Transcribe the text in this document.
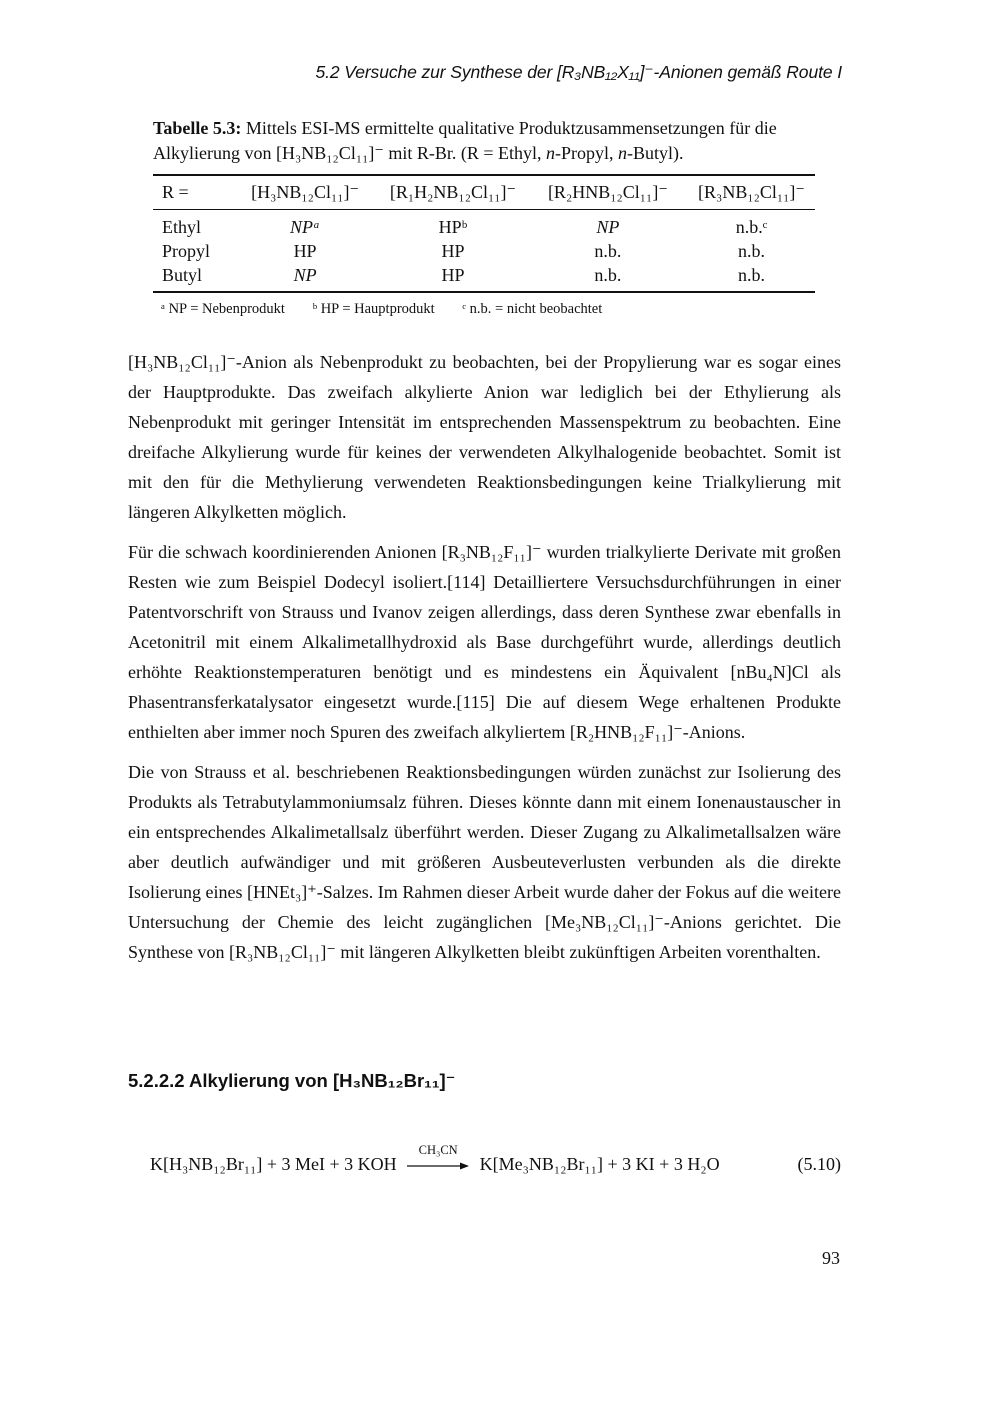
5.2 Versuche zur Synthese der [R₃NB₁₂X₁₁]⁻-Anionen gemäß Route I
Tabelle 5.3: Mittels ESI-MS ermittelte qualitative Produktzusammensetzungen für die Alkylierung von [H₃NB₁₂Cl₁₁]⁻ mit R-Br. (R = Ethyl, n-Propyl, n-Butyl).
R =	[H₃NB₁₂Cl₁₁]⁻	[R₁H₂NB₁₂Cl₁₁]⁻	[R₂HNB₁₂Cl₁₁]⁻	[R₃NB₁₂Cl₁₁]⁻
Ethyl	NPᵃ	HPᵇ	NP	n.b.ᶜ
Propyl	HP	HP	n.b.	n.b.
Butyl	NP	HP	n.b.	n.b.
ᵃ NP = Nebenprodukt ᵇ HP = Hauptprodukt ᶜ n.b. = nicht beobachtet

[H₃NB₁₂Cl₁₁]⁻-Anion als Nebenprodukt zu beobachten, bei der Propylierung war es sogar eines der Hauptprodukte. Das zweifach alkylierte Anion war lediglich bei der Ethylierung als Nebenprodukt mit geringer Intensität im entsprechenden Massenspektrum zu beobachten. Eine dreifache Alkylierung wurde für keines der verwendeten Alkylhalogenide beobachtet. Somit ist mit den für die Methylierung verwendeten Reaktionsbedingungen keine Trialkylierung mit längeren Alkylketten möglich.

Für die schwach koordinierenden Anionen [R₃NB₁₂F₁₁]⁻ wurden trialkylierte Derivate mit großen Resten wie zum Beispiel Dodecyl isoliert.[114] Detailliertere Versuchsdurchführungen in einer Patentvorschrift von Strauss und Ivanov zeigen allerdings, dass deren Synthese zwar ebenfalls in Acetonitril mit einem Alkalimetallhydroxid als Base durchgeführt wurde, allerdings deutlich erhöhte Reaktionstemperaturen benötigt und es mindestens ein Äquivalent [nBu₄N]Cl als Phasentransferkatalysator eingesetzt wurde.[115] Die auf diesem Wege erhaltenen Produkte enthielten aber immer noch Spuren des zweifach alkyliertem [R₂HNB₁₂F₁₁]⁻-Anions.

Die von Strauss et al. beschriebenen Reaktionsbedingungen würden zunächst zur Isolierung des Produkts als Tetrabutylammoniumsalz führen. Dieses könnte dann mit einem Ionenaustauscher in ein entsprechendes Alkalimetallsalz überführt werden. Dieser Zugang zu Alkalimetallsalzen wäre aber deutlich aufwändiger und mit größeren Ausbeuteverlusten verbunden als die direkte Isolierung eines [HNEt₃]⁺-Salzes. Im Rahmen dieser Arbeit wurde daher der Fokus auf die weitere Untersuchung der Chemie des leicht zugänglichen [Me₃NB₁₂Cl₁₁]⁻-Anions gerichtet. Die Synthese von [R₃NB₁₂Cl₁₁]⁻ mit längeren Alkylketten bleibt zukünftigen Arbeiten vorenthalten.

5.2.2.2 Alkylierung von [H₃NB₁₂Br₁₁]⁻
K[H₃NB₁₂Br₁₁] + 3 MeI + 3 KOH
CH₃CN
K[Me₃NB₁₂Br₁₁] + 3 KI + 3 H₂O	(5.10)
93
